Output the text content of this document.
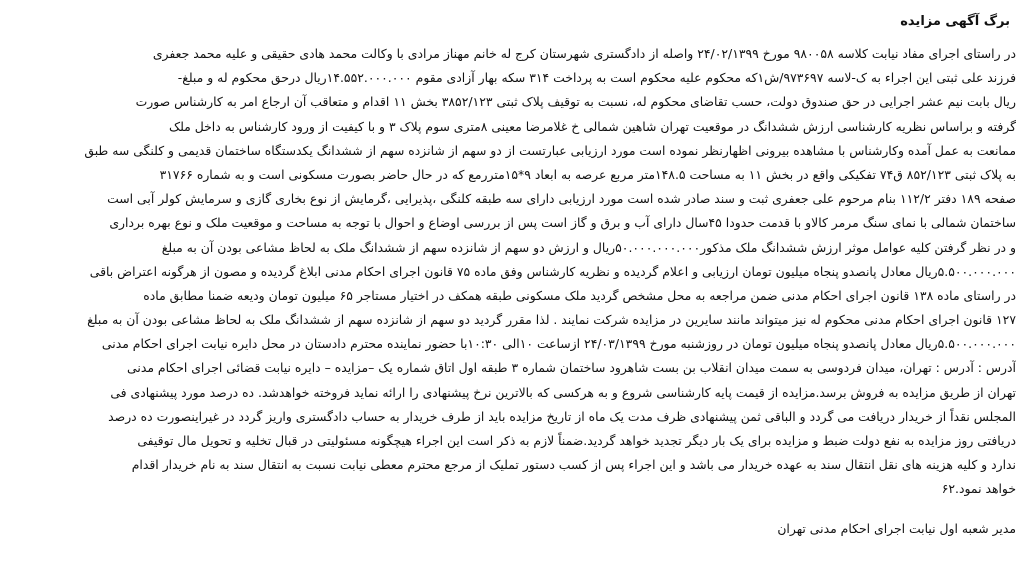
برگ آگهی مزایده
در راستای اجرای مفاد نیابت کلاسه ۹۸۰۰۵۸ مورخ ۲۴/۰۲/۱۳۹۹ واصله از دادگستری شهرستان کرج له خانم مهناز مرادی با وکالت محمد هادی حقیقی و علیه محمد جعفری
فرزند علی ثبتی این اجراء به ک-لاسه ۹۷۳۶۹۷/ش۱که محکوم علیه محکوم است به پرداخت ۳۱۴ سکه بهار آزادی مقوم ۱۴.۵۵۲.۰۰۰.۰۰۰ریال درحق محکوم له و مبلغ-
ریال بابت نیم عشر اجرایی در حق صندوق دولت، حسب تقاضای محکوم له، نسبت به توقیف پلاک ثبتی ۳۸۵۲/۱۲۳ بخش ۱۱ اقدام و متعاقب آن ارجاع امر به کارشناس صورت
گرفته و براساس نظریه کارشناسی ارزش ششدانگ در موقعیت تهران شاهین شمالی خ غلامرضا معینی ۸متری سوم پلاک ۳ و با کیفیت از ورود کارشناس به داخل ملک
ممانعت به عمل آمده وکارشناس با مشاهده بیرونی اظهارنظر نموده است مورد ارزیابی عبارتست از دو سهم از شانزده سهم از ششدانگ یکدستگاه ساختمان قدیمی و کلنگی سه طبق
به پلاک ثبتی ۸۵۲/۱۲۳ ق۷۴ تفکیکی واقع در بخش ۱۱ به مساحت ۱۴۸.۵متر مربع عرصه به ابعاد ۹*۱۵متررمع که در حال حاضر بصورت مسکونی است و به شماره ۳۱۷۶۶
صفحه ۱۸۹ دفتر ۱۱۲/۲ بنام مرحوم علی جعفری ثبت و سند صادر شده است مورد ارزیابی دارای سه طبقه کلنگی ،پذیرایی ،گرمایش از نوع بخاری گازی و سرمایش کولر آبی است
ساختمان شمالی با نمای سنگ مرمر کالاو با قدمت حدودا ۴۵سال دارای آب و برق و گاز است پس از بررسی اوضاع و احوال با توجه به مساحت و موقعیت ملک و نوع بهره برداری
و در نظر گرفتن کلیه عوامل موثر ارزش ششدانگ ملک مذکور۵۰.۰۰۰.۰۰۰.۰۰۰ریال و ارزش دو سهم از شانزده سهم از ششدانگ ملک به لحاظ مشاعی بودن آن به مبلغ
۵.۵۰۰.۰۰۰.۰۰۰ریال معادل پانصدو پنجاه میلیون تومان ارزیابی و اعلام گردیده و نظریه کارشناس وفق ماده ۷۵ قانون اجرای احکام مدنی ابلاغ گردیده و مصون از هرگونه اعتراض باقی
در راستای ماده ۱۳۸ قانون اجرای احکام مدنی ضمن مراجعه به محل مشخص گردید ملک مسکونی طبقه همکف در اختیار مستاجر ۶۵ میلیون تومان ودیعه ضمنا مطابق ماده
۱۲۷ قانون اجرای احکام مدنی محکوم له نیز میتواند مانند سایرین در مزایده شرکت نمایند . لذا مقرر گردید دو سهم از شانزده سهم از ششدانگ ملک به لحاظ مشاعی بودن آن به مبلغ
۵.۵۰۰.۰۰۰.۰۰۰ریال معادل پانصدو پنجاه میلیون تومان در روزشنبه مورخ ۲۴/۰۳/۱۳۹۹ ازساعت ۱۰الی ۱۰:۳۰با حضور نماینده محترم دادستان در محل دایره نیابت اجرای احکام مدنی
آدرس : آدرس : تهران، میدان فردوسی به سمت میدان انقلاب بن بست شاهرود ساختمان شماره ۳ طبقه اول اتاق شماره یک –مزایده – دایره نیابت قضائی اجرای احکام مدنی
تهران از طریق مزایده به فروش برسد.مزایده از قیمت پایه کارشناسی شروع و به هرکسی که بالاترین نرخ پیشنهادی را ارائه نماید فروخته خواهدشد. ده درصد مورد پیشنهادی فی
المجلس نقداً از خریدار دریافت می گردد و الباقی ثمن پیشنهادی ظرف مدت یک ماه از تاریخ مزایده باید از طرف خریدار به حساب دادگستری واریز گردد در غیراینصورت ده درصد
دریافتی روز مزایده به نفع دولت ضبط و مزایده برای یک بار دیگر تجدید خواهد گردید.ضمناً لازم به ذکر است این اجراء هیچگونه مسئولیتی در قبال تخلیه و تحویل مال توقیفی
ندارد و کلیه هزینه های نقل انتقال سند به عهده خریدار می باشد و این اجراء پس از کسب دستور تملیک از مرجع محترم معطی نیابت نسبت به انتقال سند به نام خریدار اقدام
خواهد نمود.۶۲
مدیر شعبه اول نیابت اجرای احکام مدنی تهران
